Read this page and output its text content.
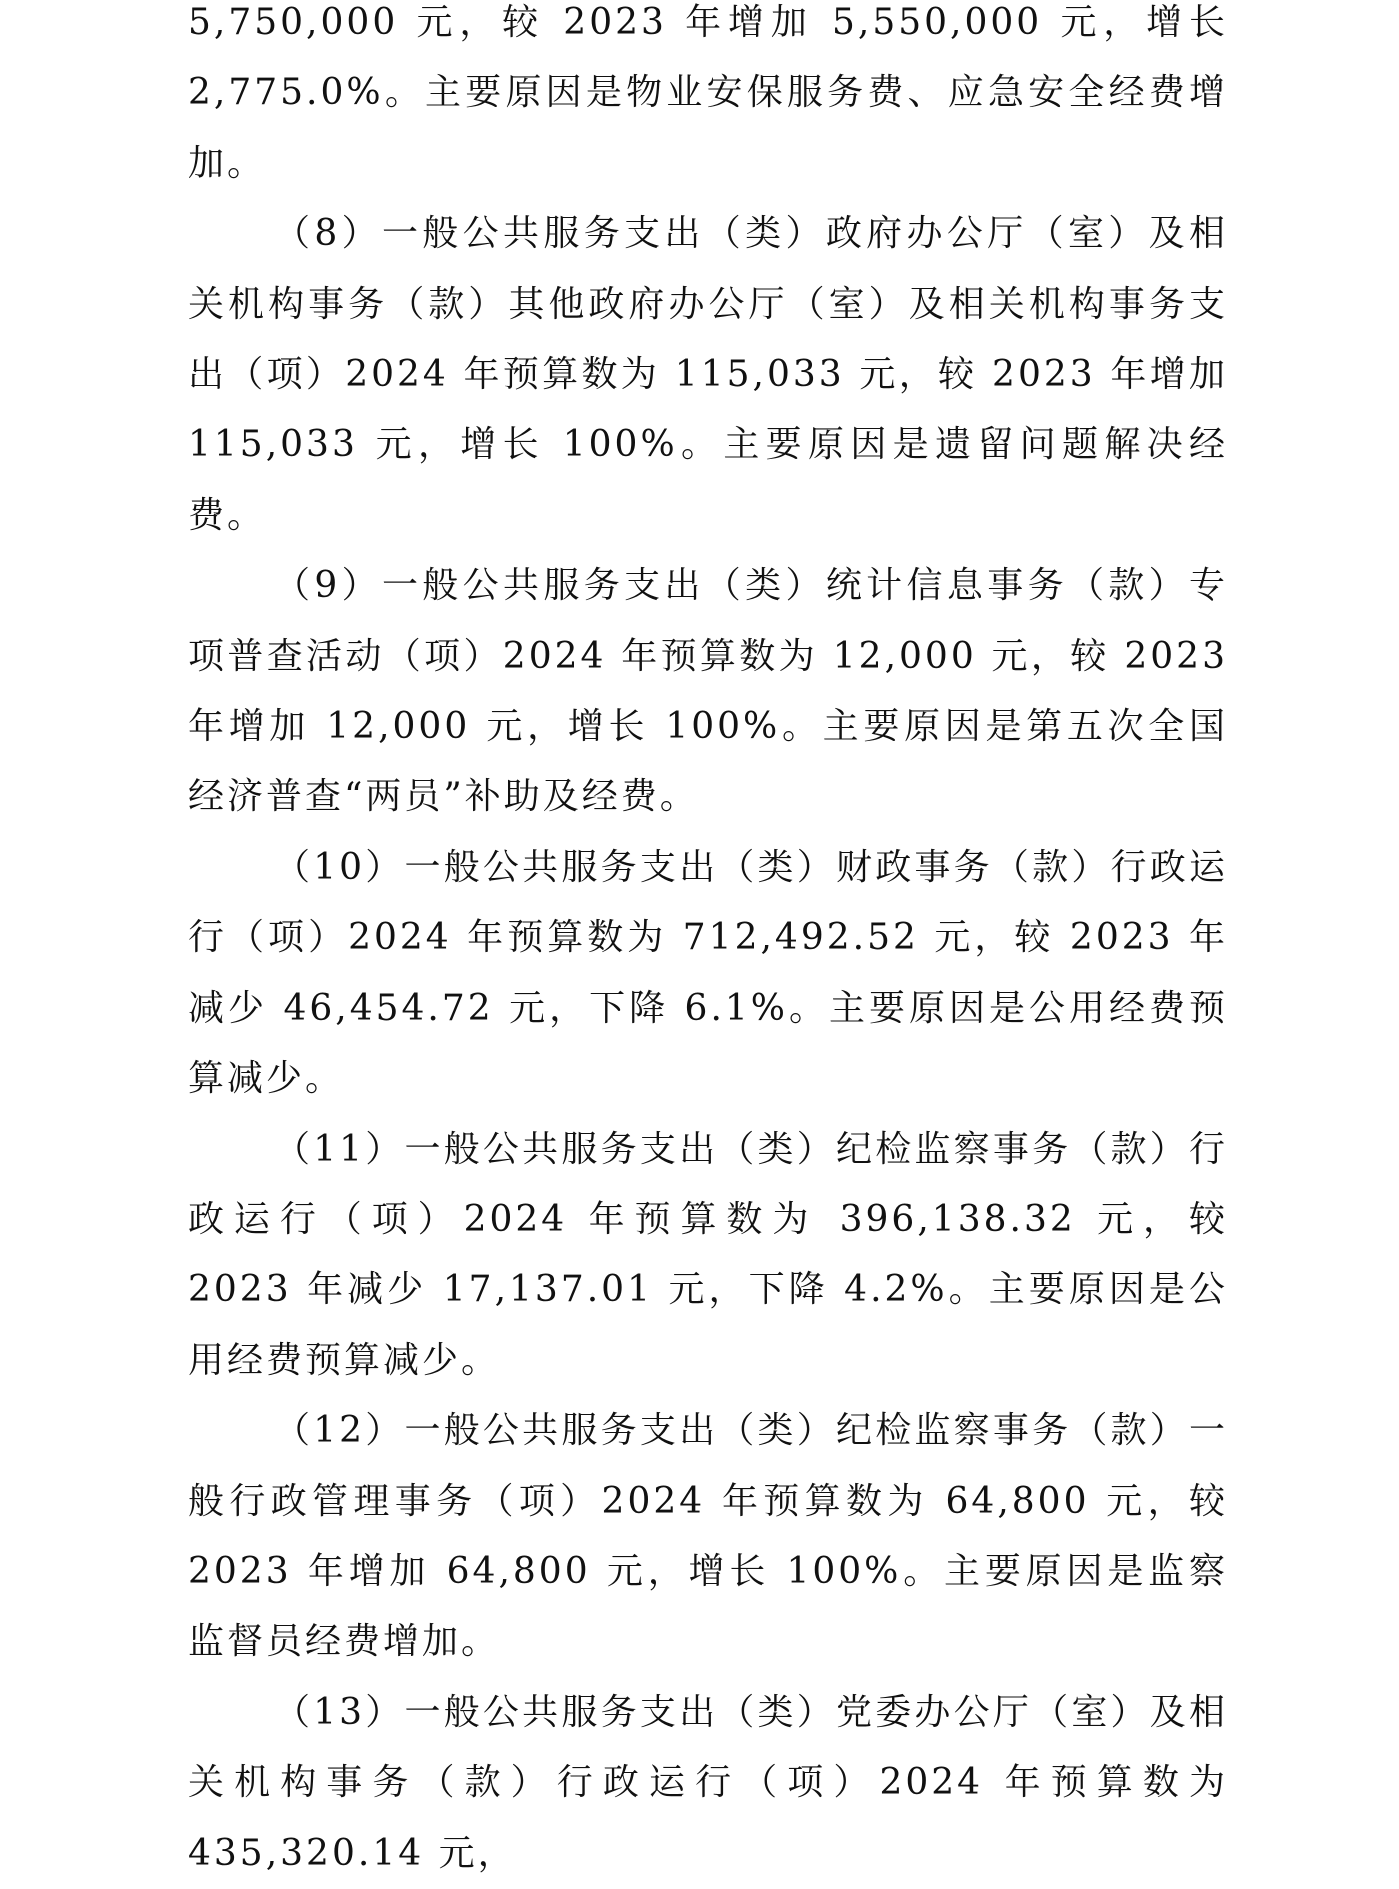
5,750,000 元，较 2023 年增加 5,550,000 元，增长 2,775.0%。主要原因是物业安保服务费、应急安全经费增加。

（8）一般公共服务支出（类）政府办公厅（室）及相关机构事务（款）其他政府办公厅（室）及相关机构事务支出（项）2024 年预算数为 115,033 元，较 2023 年增加 115,033 元，增长 100%。主要原因是遗留问题解决经费。

（9）一般公共服务支出（类）统计信息事务（款）专项普查活动（项）2024 年预算数为 12,000 元，较 2023 年增加 12,000 元，增长 100%。主要原因是第五次全国经济普查“两员”补助及经费。

（10）一般公共服务支出（类）财政事务（款）行政运行（项）2024 年预算数为 712,492.52 元，较 2023 年减少 46,454.72 元，下降 6.1%。主要原因是公用经费预算减少。

（11）一般公共服务支出（类）纪检监察事务（款）行政运行（项）2024 年预算数为 396,138.32 元，较 2023 年减少 17,137.01 元，下降 4.2%。主要原因是公用经费预算减少。

（12）一般公共服务支出（类）纪检监察事务（款）一般行政管理事务（项）2024 年预算数为 64,800 元，较 2023 年增加 64,800 元，增长 100%。主要原因是监察监督员经费增加。

（13）一般公共服务支出（类）党委办公厅（室）及相关机构事务（款）行政运行（项）2024 年预算数为 435,320.14 元，
